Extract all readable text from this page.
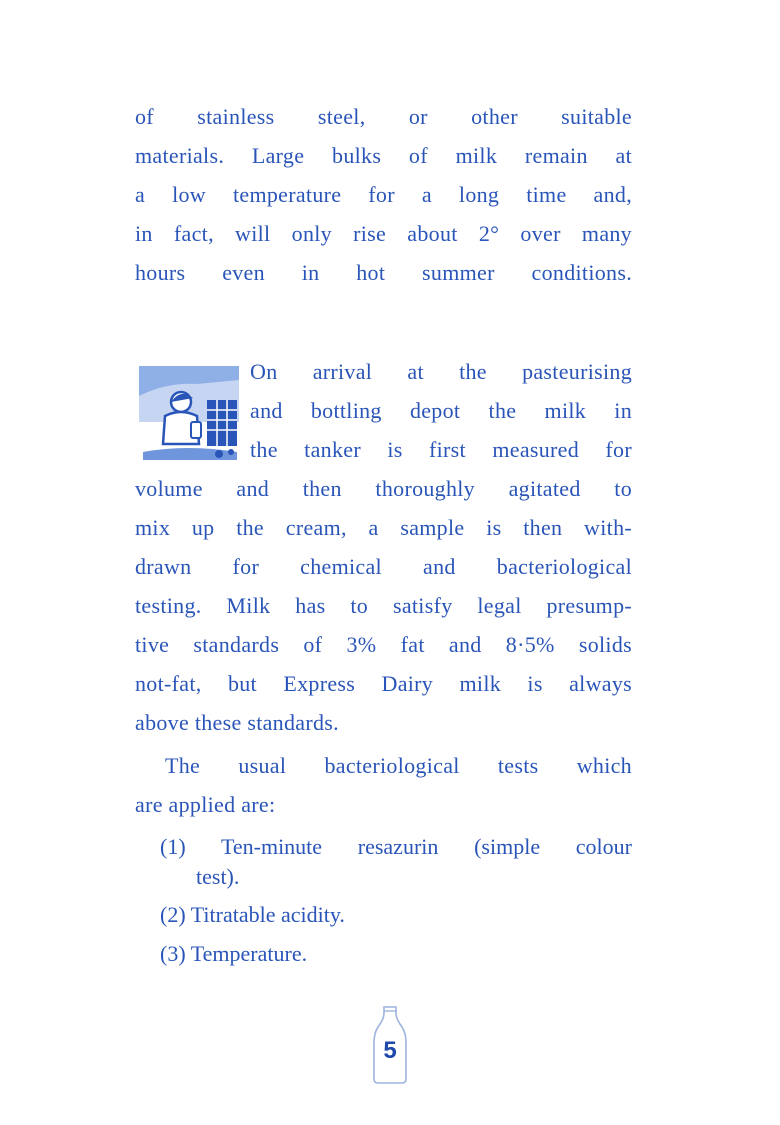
of stainless steel, or other suitable
materials. Large bulks of milk remain at
a low temperature for a long time and,
in fact, will only rise about 2° over many
hours even in hot summer conditions.
On arrival at the pasteurising
and bottling depot the milk in
the tanker is first measured for
volume and then thoroughly agitated to
mix up the cream, a sample is then with-
drawn for chemical and bacteriological
testing. Milk has to satisfy legal presump-
tive standards of 3% fat and 8·5% solids
not-fat, but Express Dairy milk is always
above these standards.
The usual bacteriological tests which
are applied are:
(1) Ten-minute resazurin (simple colour
test).
(2) Titratable acidity.
(3) Temperature.
5
